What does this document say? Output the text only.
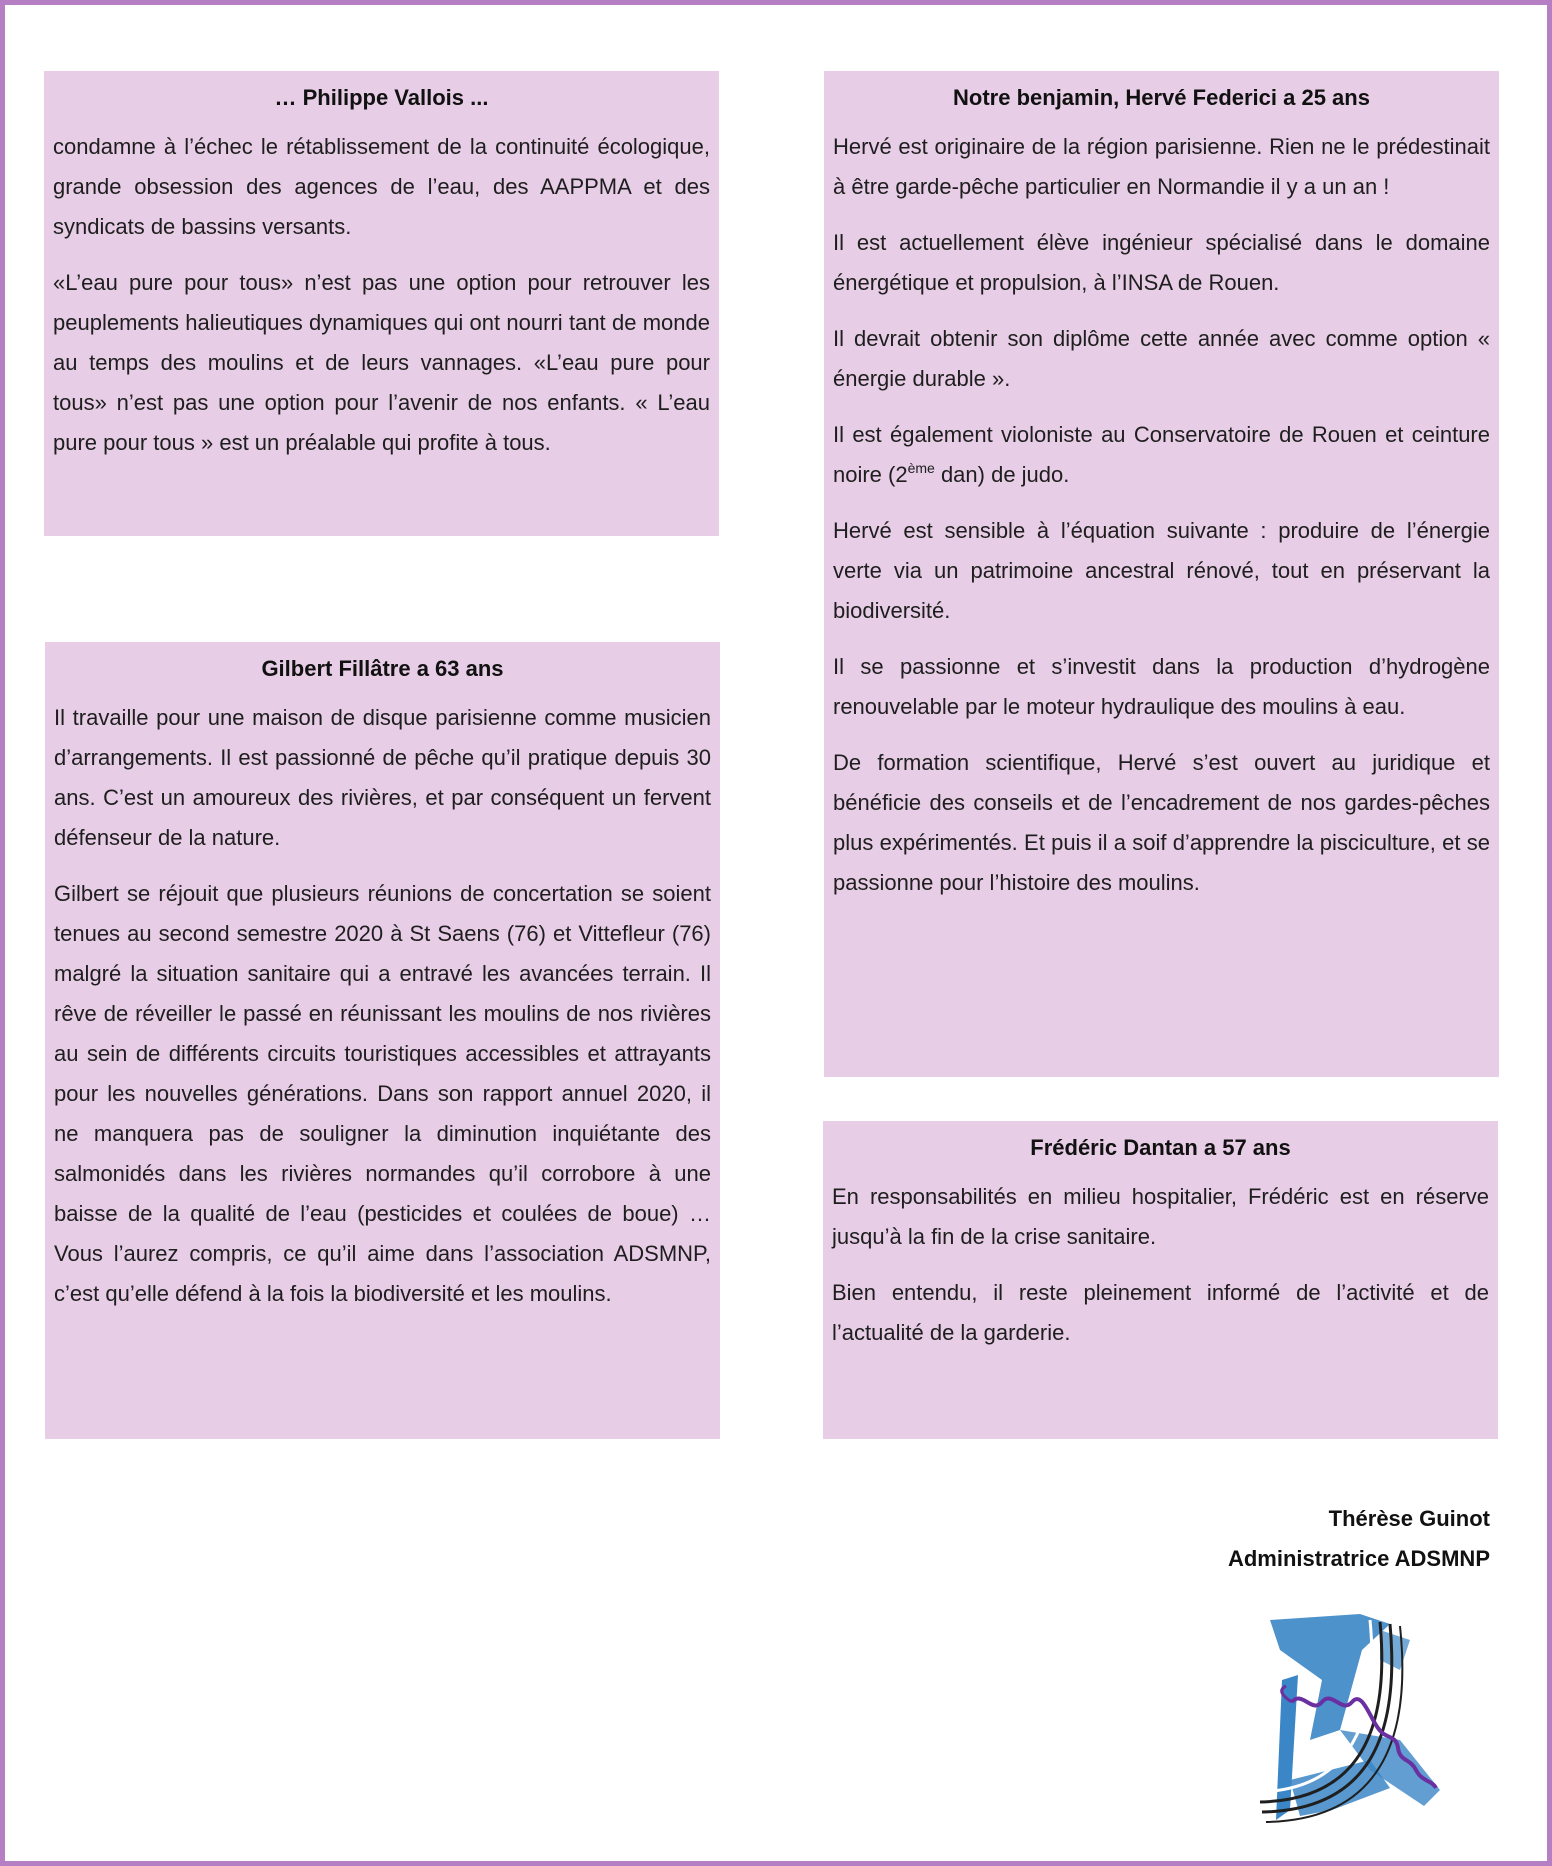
… Philippe Vallois ...

condamne à l’échec le rétablissement de la continuité écologique, grande obsession des agences de l’eau, des AAPPMA et des syndicats de bassins versants.

«L’eau pure pour tous» n’est pas une option pour retrouver les peuplements halieutiques dynamiques qui ont nourri tant de monde au temps des moulins et de leurs vannages. «L’eau pure pour tous» n’est pas une option pour l’avenir de nos enfants. « L’eau pure pour tous » est un préalable qui profite à tous.

Notre benjamin, Hervé Federici a 25 ans

Hervé est originaire de la région parisienne. Rien ne le prédestinait à être garde-pêche particulier en Normandie il y a un an !

Il est actuellement élève ingénieur spécialisé dans le domaine énergétique et propulsion, à l’INSA de Rouen.

Il devrait obtenir son diplôme cette année avec comme option « énergie durable ».

Il est également violoniste au Conservatoire de Rouen et ceinture noire (2ème dan) de judo.

Hervé est sensible à l’équation suivante : produire de l’énergie verte via un patrimoine ancestral rénové, tout en préservant la biodiversité.

Il se passionne et s’investit dans la production d’hydrogène renouvelable par le moteur hydraulique des moulins à eau.

De formation scientifique, Hervé s’est ouvert au juridique et bénéficie des conseils et de l’encadrement de nos gardes-pêches plus expérimentés. Et puis il a soif d’apprendre la pisciculture, et se passionne pour l’histoire des moulins.

Gilbert Fillâtre a 63 ans

Il travaille pour une maison de disque parisienne comme musicien d’arrangements. Il est passionné de pêche qu’il pratique depuis 30 ans. C’est un amoureux des rivières, et par conséquent un fervent défenseur de la nature.

Gilbert se réjouit que plusieurs réunions de concertation se soient tenues au second semestre 2020 à St Saens (76) et Vittefleur (76) malgré la situation sanitaire qui a entravé les avancées terrain. Il rêve de réveiller le passé en réunissant les moulins de nos rivières au sein de différents circuits touristiques accessibles et attrayants pour les nouvelles générations. Dans son rapport annuel 2020, il ne manquera pas de souligner la diminution inquiétante des salmonidés dans les rivières normandes qu’il corrobore à une baisse de la qualité de l’eau (pesticides et coulées de boue) … Vous l’aurez compris, ce qu’il aime dans l’association ADSMNP, c’est qu’elle défend à la fois la biodiversité et les moulins.

Frédéric Dantan a 57 ans

En responsabilités en milieu hospitalier, Frédéric est en réserve jusqu’à la fin de la crise sanitaire.

Bien entendu, il reste pleinement informé de l’activité et de l’actualité de la garderie.

Thérèse Guinot
Administratrice ADSMNP
